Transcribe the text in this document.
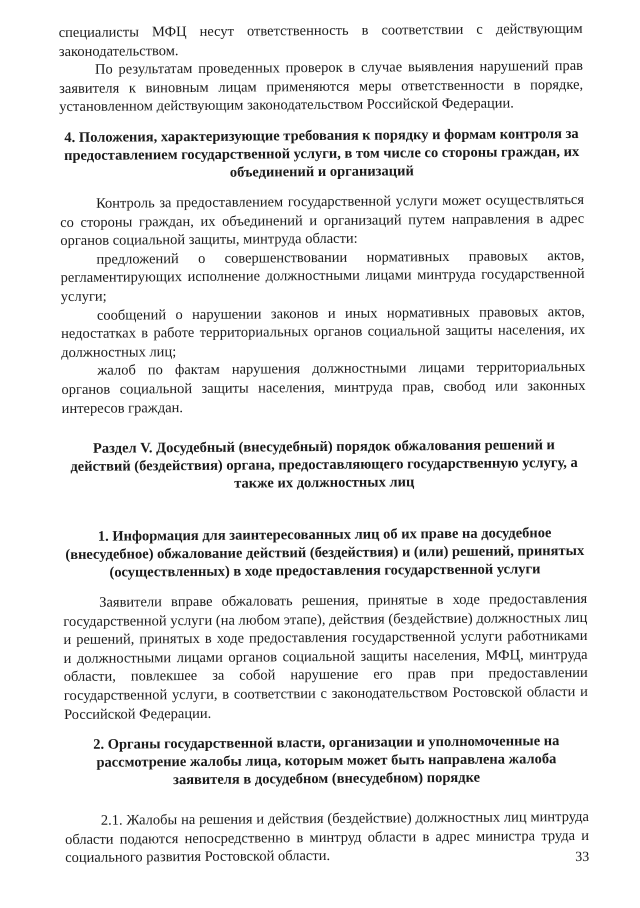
специалисты МФЦ несут ответственность в соответствии с действующим законодательством.

По результатам проведенных проверок в случае выявления нарушений прав заявителя к виновным лицам применяются меры ответственности в порядке, установленном действующим законодательством Российской Федерации.

4. Положения, характеризующие требования к порядку и формам контроля за предоставлением государственной услуги, в том числе со стороны граждан, их объединений и организаций

Контроль за предоставлением государственной услуги может осуществляться со стороны граждан, их объединений и организаций путем направления в адрес органов социальной защиты, минтруда области:

предложений о совершенствовании нормативных правовых актов, регламентирующих исполнение должностными лицами минтруда государственной услуги;

сообщений о нарушении законов и иных нормативных правовых актов, недостатках в работе территориальных органов социальной защиты населения, их должностных лиц;

жалоб по фактам нарушения должностными лицами территориальных органов социальной защиты населения, минтруда прав, свобод или законных интересов граждан.

Раздел V. Досудебный (внесудебный) порядок обжалования решений и действий (бездействия) органа, предоставляющего государственную услугу, а также их должностных лиц
1. Информация для заинтересованных лиц об их праве на досудебное (внесудебное) обжалование действий (бездействия) и (или) решений, принятых (осуществленных) в ходе предоставления государственной услуги

Заявители вправе обжаловать решения, принятые в ходе предоставления государственной услуги (на любом этапе), действия (бездействие) должностных лиц и решений, принятых в ходе предоставления государственной услуги работниками и должностными лицами органов социальной защиты населения, МФЦ, минтруда области, повлекшее за собой нарушение его прав при предоставлении государственной услуги, в соответствии с законодательством Ростовской области и Российской Федерации.

2. Органы государственной власти, организации и уполномоченные на рассмотрение жалобы лица, которым может быть направлена жалоба заявителя в досудебном (внесудебном) порядке

2.1. Жалобы на решения и действия (бездействие) должностных лиц минтруда области подаются непосредственно в минтруд области в адрес министра труда и социального развития Ростовской области.	33
